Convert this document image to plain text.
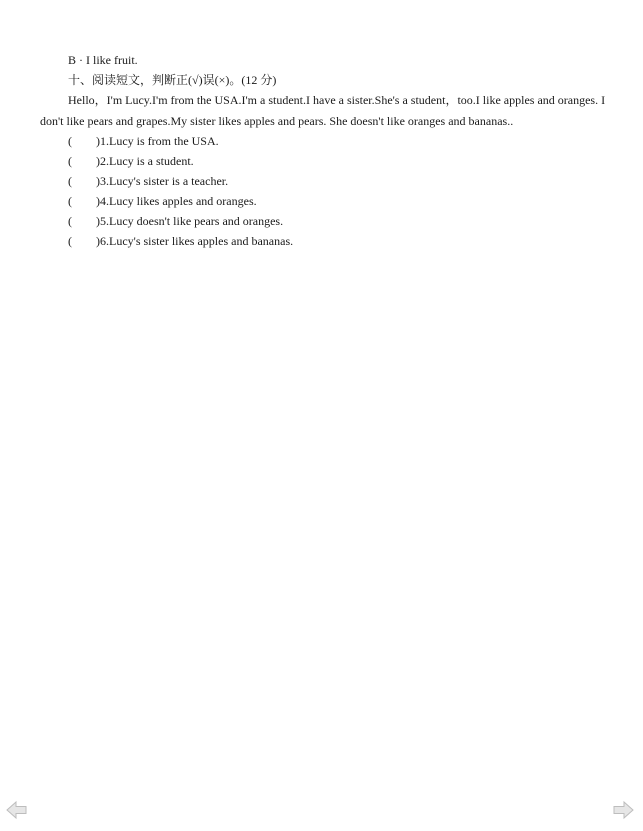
B · I like fruit.
十、阅读短文，判断正(√)误(×)。(12 分)
Hello，I'm Lucy.I'm from the USA.I'm a student.I have a sister.She's a student，too.I like apples and oranges. I
don't like pears and grapes.My sister likes apples and pears. She doesn't like oranges and bananas..
( )1.Lucy is from the USA.
( )2.Lucy is a student.
( )3.Lucy's sister is a teacher.
( )4.Lucy likes apples and oranges.
( )5.Lucy doesn't like pears and oranges.
( )6.Lucy's sister likes apples and bananas.
